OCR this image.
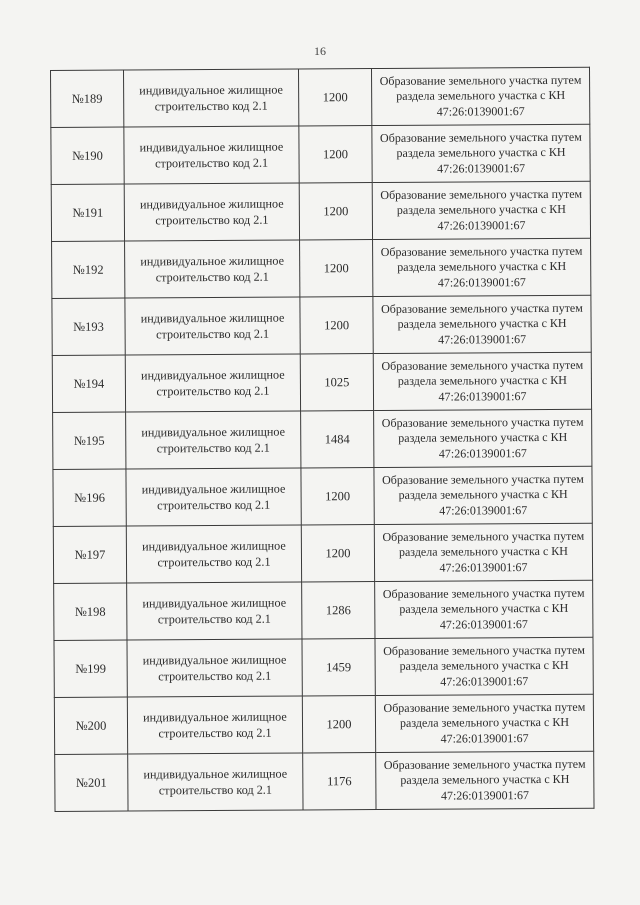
16
№189	индивидуальное жилищное
строительство код 2.1	1200	Образование земельного участка путем
раздела земельного участка с КН
47:26:0139001:67

№190	индивидуальное жилищное
строительство код 2.1	1200	Образование земельного участка путем
раздела земельного участка с КН
47:26:0139001:67

№191	индивидуальное жилищное
строительство код 2.1	1200	Образование земельного участка путем
раздела земельного участка с КН
47:26:0139001:67

№192	индивидуальное жилищное
строительство код 2.1	1200	Образование земельного участка путем
раздела земельного участка с КН
47:26:0139001:67

№193	индивидуальное жилищное
строительство код 2.1	1200	Образование земельного участка путем
раздела земельного участка с КН
47:26:0139001:67

№194	индивидуальное жилищное
строительство код 2.1	1025	Образование земельного участка путем
раздела земельного участка с КН
47:26:0139001:67

№195	индивидуальное жилищное
строительство код 2.1	1484	Образование земельного участка путем
раздела земельного участка с КН
47:26:0139001:67

№196	индивидуальное жилищное
строительство код 2.1	1200	Образование земельного участка путем
раздела земельного участка с КН
47:26:0139001:67

№197	индивидуальное жилищное
строительство код 2.1	1200	Образование земельного участка путем
раздела земельного участка с КН
47:26:0139001:67

№198	индивидуальное жилищное
строительство код 2.1	1286	Образование земельного участка путем
раздела земельного участка с КН
47:26:0139001:67

№199	индивидуальное жилищное
строительство код 2.1	1459	Образование земельного участка путем
раздела земельного участка с КН
47:26:0139001:67

№200	индивидуальное жилищное
строительство код 2.1	1200	Образование земельного участка путем
раздела земельного участка с КН
47:26:0139001:67

№201	индивидуальное жилищное
строительство код 2.1	1176	Образование земельного участка путем
раздела земельного участка с КН
47:26:0139001:67
